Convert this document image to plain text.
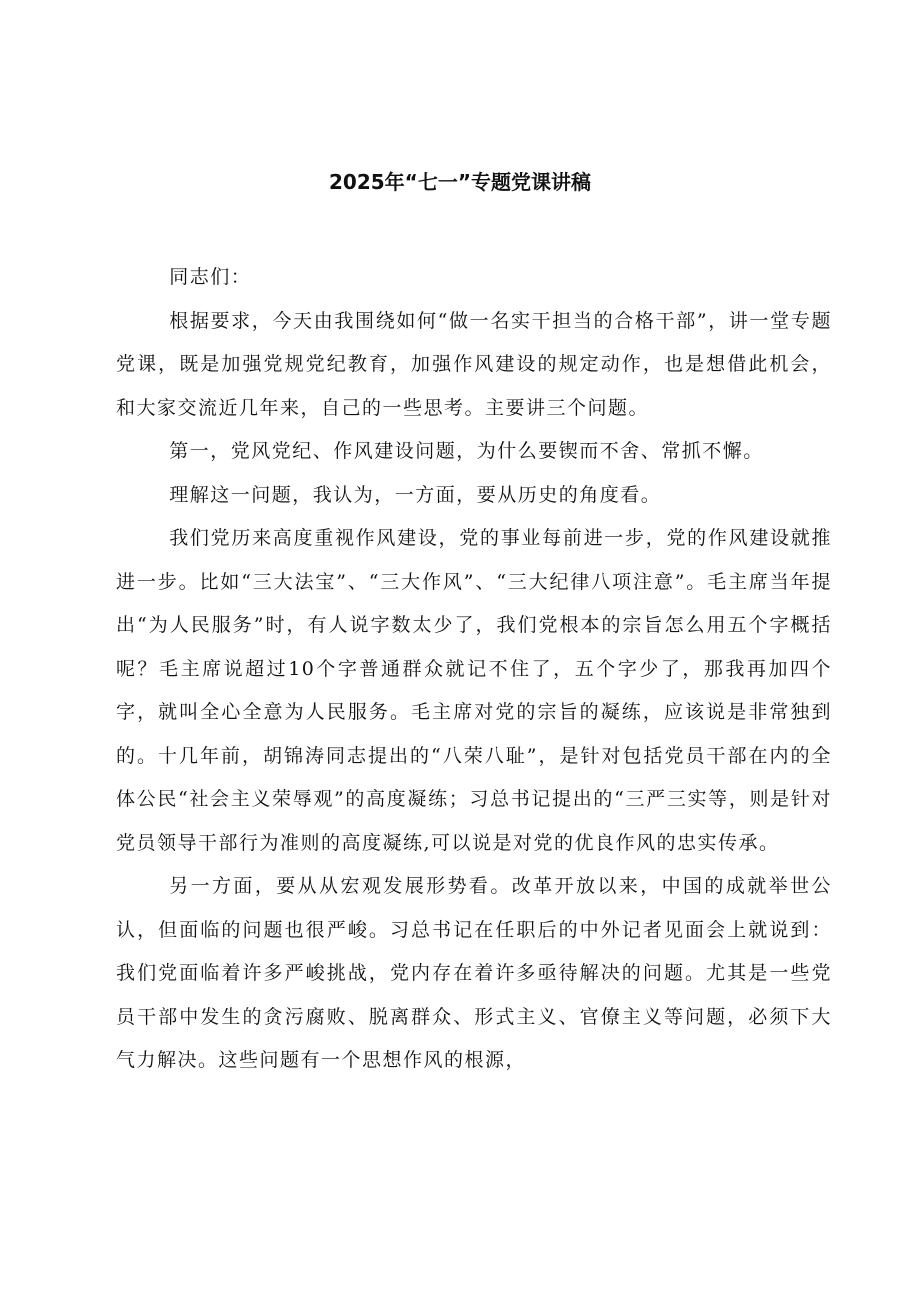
2025年“七一”专题党课讲稿

同志们：

根据要求，今天由我围绕如何“做一名实干担当的合格干部”，讲一堂专题党课，既是加强党规党纪教育，加强作风建设的规定动作，也是想借此机会，和大家交流近几年来，自己的一些思考。主要讲三个问题。

第一，党风党纪、作风建设问题，为什么要锲而不舍、常抓不懈。

理解这一问题，我认为，一方面，要从历史的角度看。

我们党历来高度重视作风建设，党的事业每前进一步，党的作风建设就推进一步。比如“三大法宝”、“三大作风”、“三大纪律八项注意”。毛主席当年提出“为人民服务”时，有人说字数太少了，我们党根本的宗旨怎么用五个字概括呢？毛主席说超过10个字普通群众就记不住了，五个字少了，那我再加四个字，就叫全心全意为人民服务。毛主席对党的宗旨的凝练，应该说是非常独到的。十几年前，胡锦涛同志提出的“八荣八耻”，是针对包括党员干部在内的全体公民“社会主义荣辱观”的高度凝练；习总书记提出的“三严三实等，则是针对党员领导干部行为准则的高度凝练,可以说是对党的优良作风的忠实传承。

另一方面，要从从宏观发展形势看。改革开放以来，中国的成就举世公认，但面临的问题也很严峻。习总书记在任职后的中外记者见面会上就说到：我们党面临着许多严峻挑战，党内存在着许多亟待解决的问题。尤其是一些党员干部中发生的贪污腐败、脱离群众、形式主义、官僚主义等问题，必须下大气力解决。这些问题有一个思想作风的根源，
